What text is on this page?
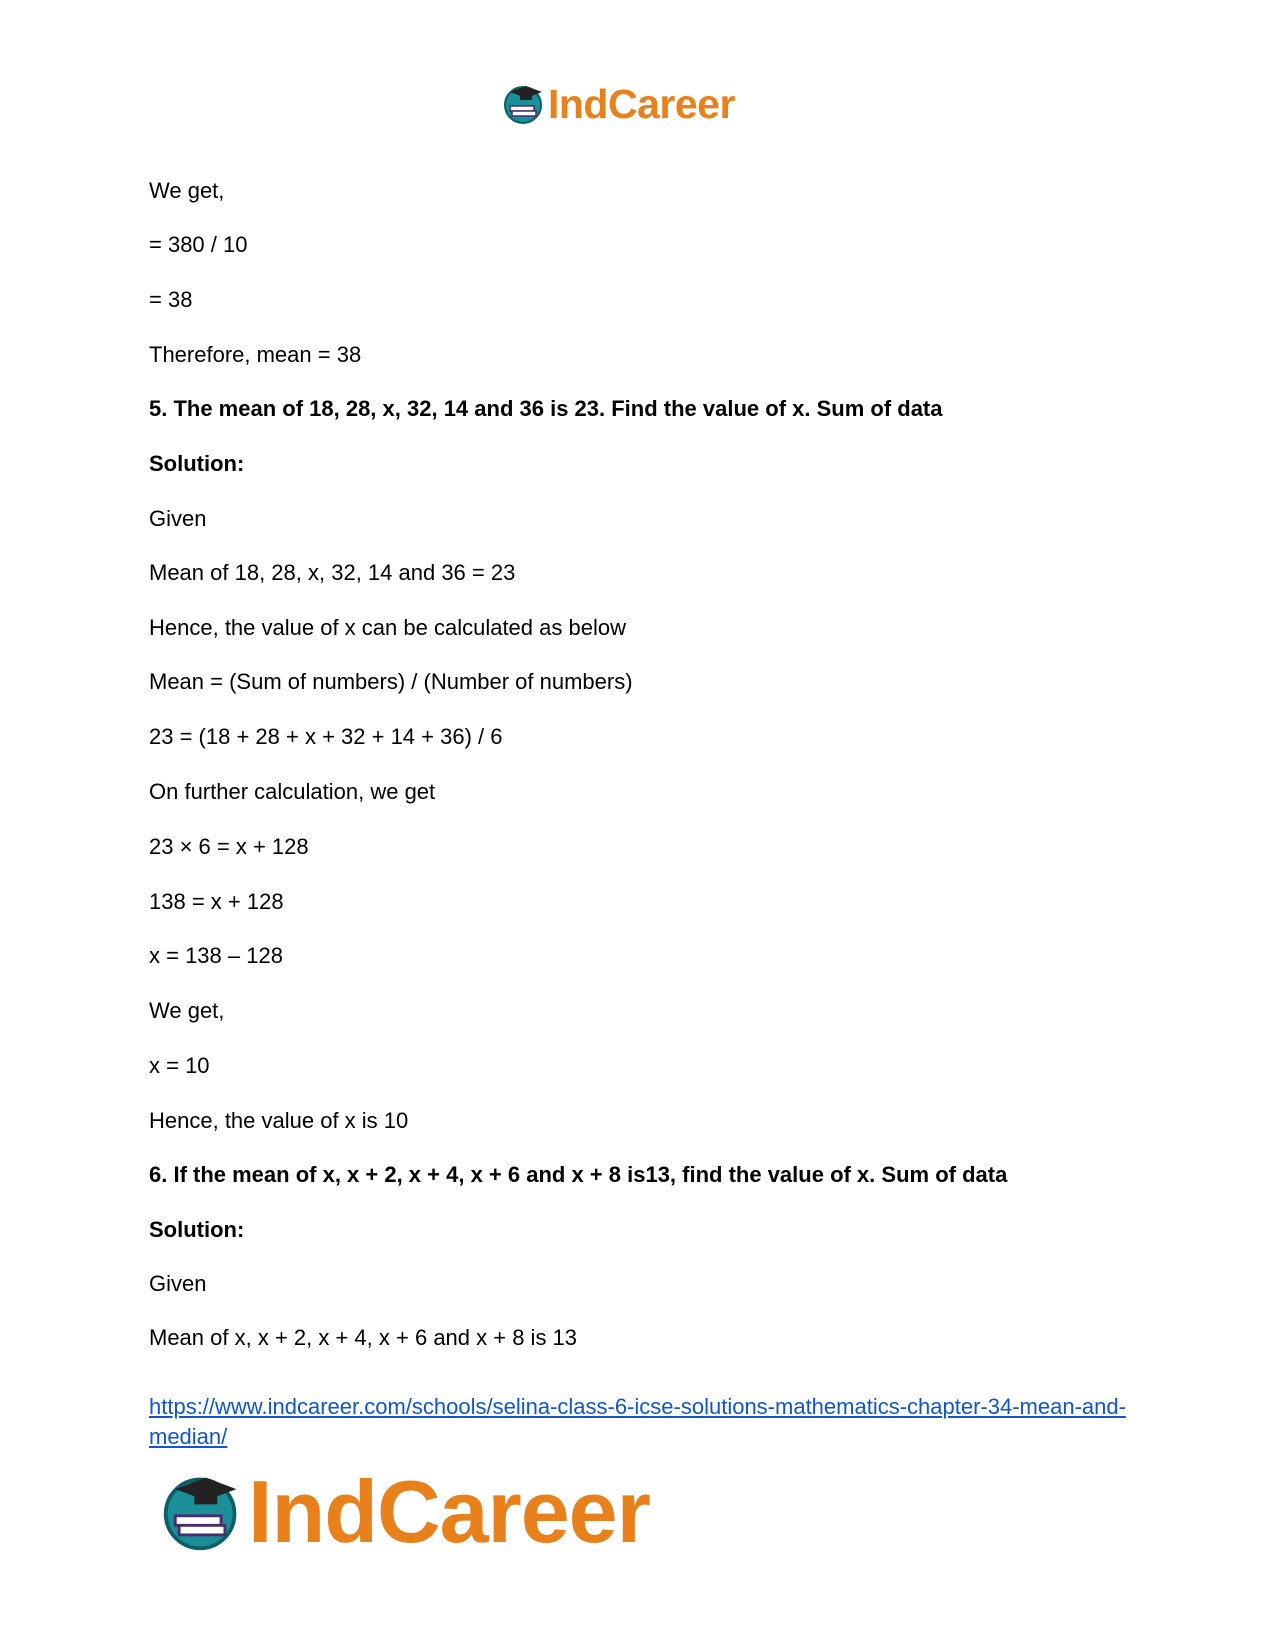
IndCareer
We get,
= 380 / 10
= 38
Therefore, mean = 38
5. The mean of 18, 28, x, 32, 14 and 36 is 23. Find the value of x. Sum of data
Solution:
Given
Mean of 18, 28, x, 32, 14 and 36 = 23
Hence, the value of x can be calculated as below
Mean = (Sum of numbers) / (Number of numbers)
23 = (18 + 28 + x + 32 + 14 + 36) / 6
On further calculation, we get
23 × 6 = x + 128
138 = x + 128
x = 138 – 128
We get,
x = 10
Hence, the value of x is 10
6. If the mean of x, x + 2, x + 4, x + 6 and x + 8 is13, find the value of x. Sum of data
Solution:
Given
Mean of x, x + 2, x + 4, x + 6 and x + 8 is 13
https://www.indcareer.com/schools/selina-class-6-icse-solutions-mathematics-chapter-34-mean-and-median/
IndCareer
